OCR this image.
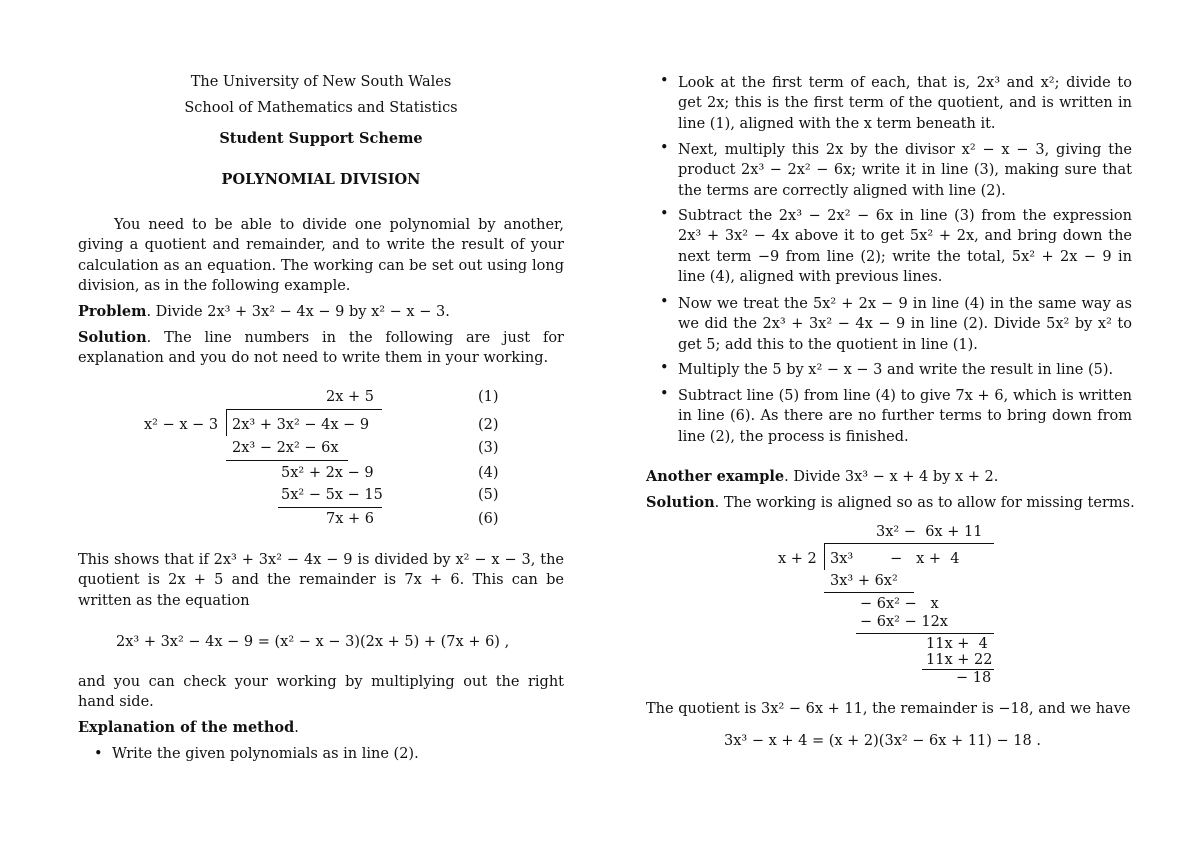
The University of New South Wales
School of Mathematics and Statistics
Student Support Scheme
POLYNOMIAL DIVISION
You need to be able to divide one polynomial by another, giving a quotient and remainder, and to write the result of your calculation as an equation. The working can be set out using long division, as in the following example.
Problem. Divide 2x³ + 3x² − 4x − 9 by x² − x − 3.
Solution. The line numbers in the following are just for explanation and you do not need to write them in your working.
2x + 5
x² − x − 3 2x³ + 3x² − 4x − 9
2x³ − 2x² − 6x
5x² + 2x − 9
5x² − 5x − 15
7x + 6
(1)
(2)
(3)
(4)
(5)
(6)
This shows that if 2x³ + 3x² − 4x − 9 is divided by x² − x − 3, the quotient is 2x + 5 and the remainder is 7x + 6. This can be written as the equation
2x³ + 3x² − 4x − 9 = (x² − x − 3)(2x + 5) + (7x + 6) ,
and you can check your working by multiplying out the right hand side.
Explanation of the method.
• Write the given polynomials as in line (2).
• Look at the first term of each, that is, 2x³ and x²; divide to get 2x; this is the first term of the quotient, and is written in line (1), aligned with the x term beneath it.
• Next, multiply this 2x by the divisor x² − x − 3, giving the product 2x³ − 2x² − 6x; write it in line (3), making sure that the terms are correctly aligned with line (2).
• Subtract the 2x³ − 2x² − 6x in line (3) from the expression 2x³ + 3x² − 4x above it to get 5x² + 2x, and bring down the next term −9 from line (2); write the total, 5x² + 2x − 9 in line (4), aligned with previous lines.
• Now we treat the 5x² + 2x − 9 in line (4) in the same way as we did the 2x³ + 3x² − 4x − 9 in line (2). Divide 5x² by x² to get 5; add this to the quotient in line (1).
• Multiply the 5 by x² − x − 3 and write the result in line (5).
• Subtract line (5) from line (4) to give 7x + 6, which is written in line (6). As there are no further terms to bring down from line (2), the process is finished.
Another example. Divide 3x³ − x + 4 by x + 2.
Solution. The working is aligned so as to allow for missing terms.

3x² −  6x + 11

x + 2

3x³        −   x +  4

3x³ + 6x²

− 6x² −   x

− 6x² − 12x

11x +  4

11x + 22

− 18

The quotient is 3x² − 6x + 11, the remainder is −18, and we have
3x³ − x + 4 = (x + 2)(3x² − 6x + 11) − 18 .
